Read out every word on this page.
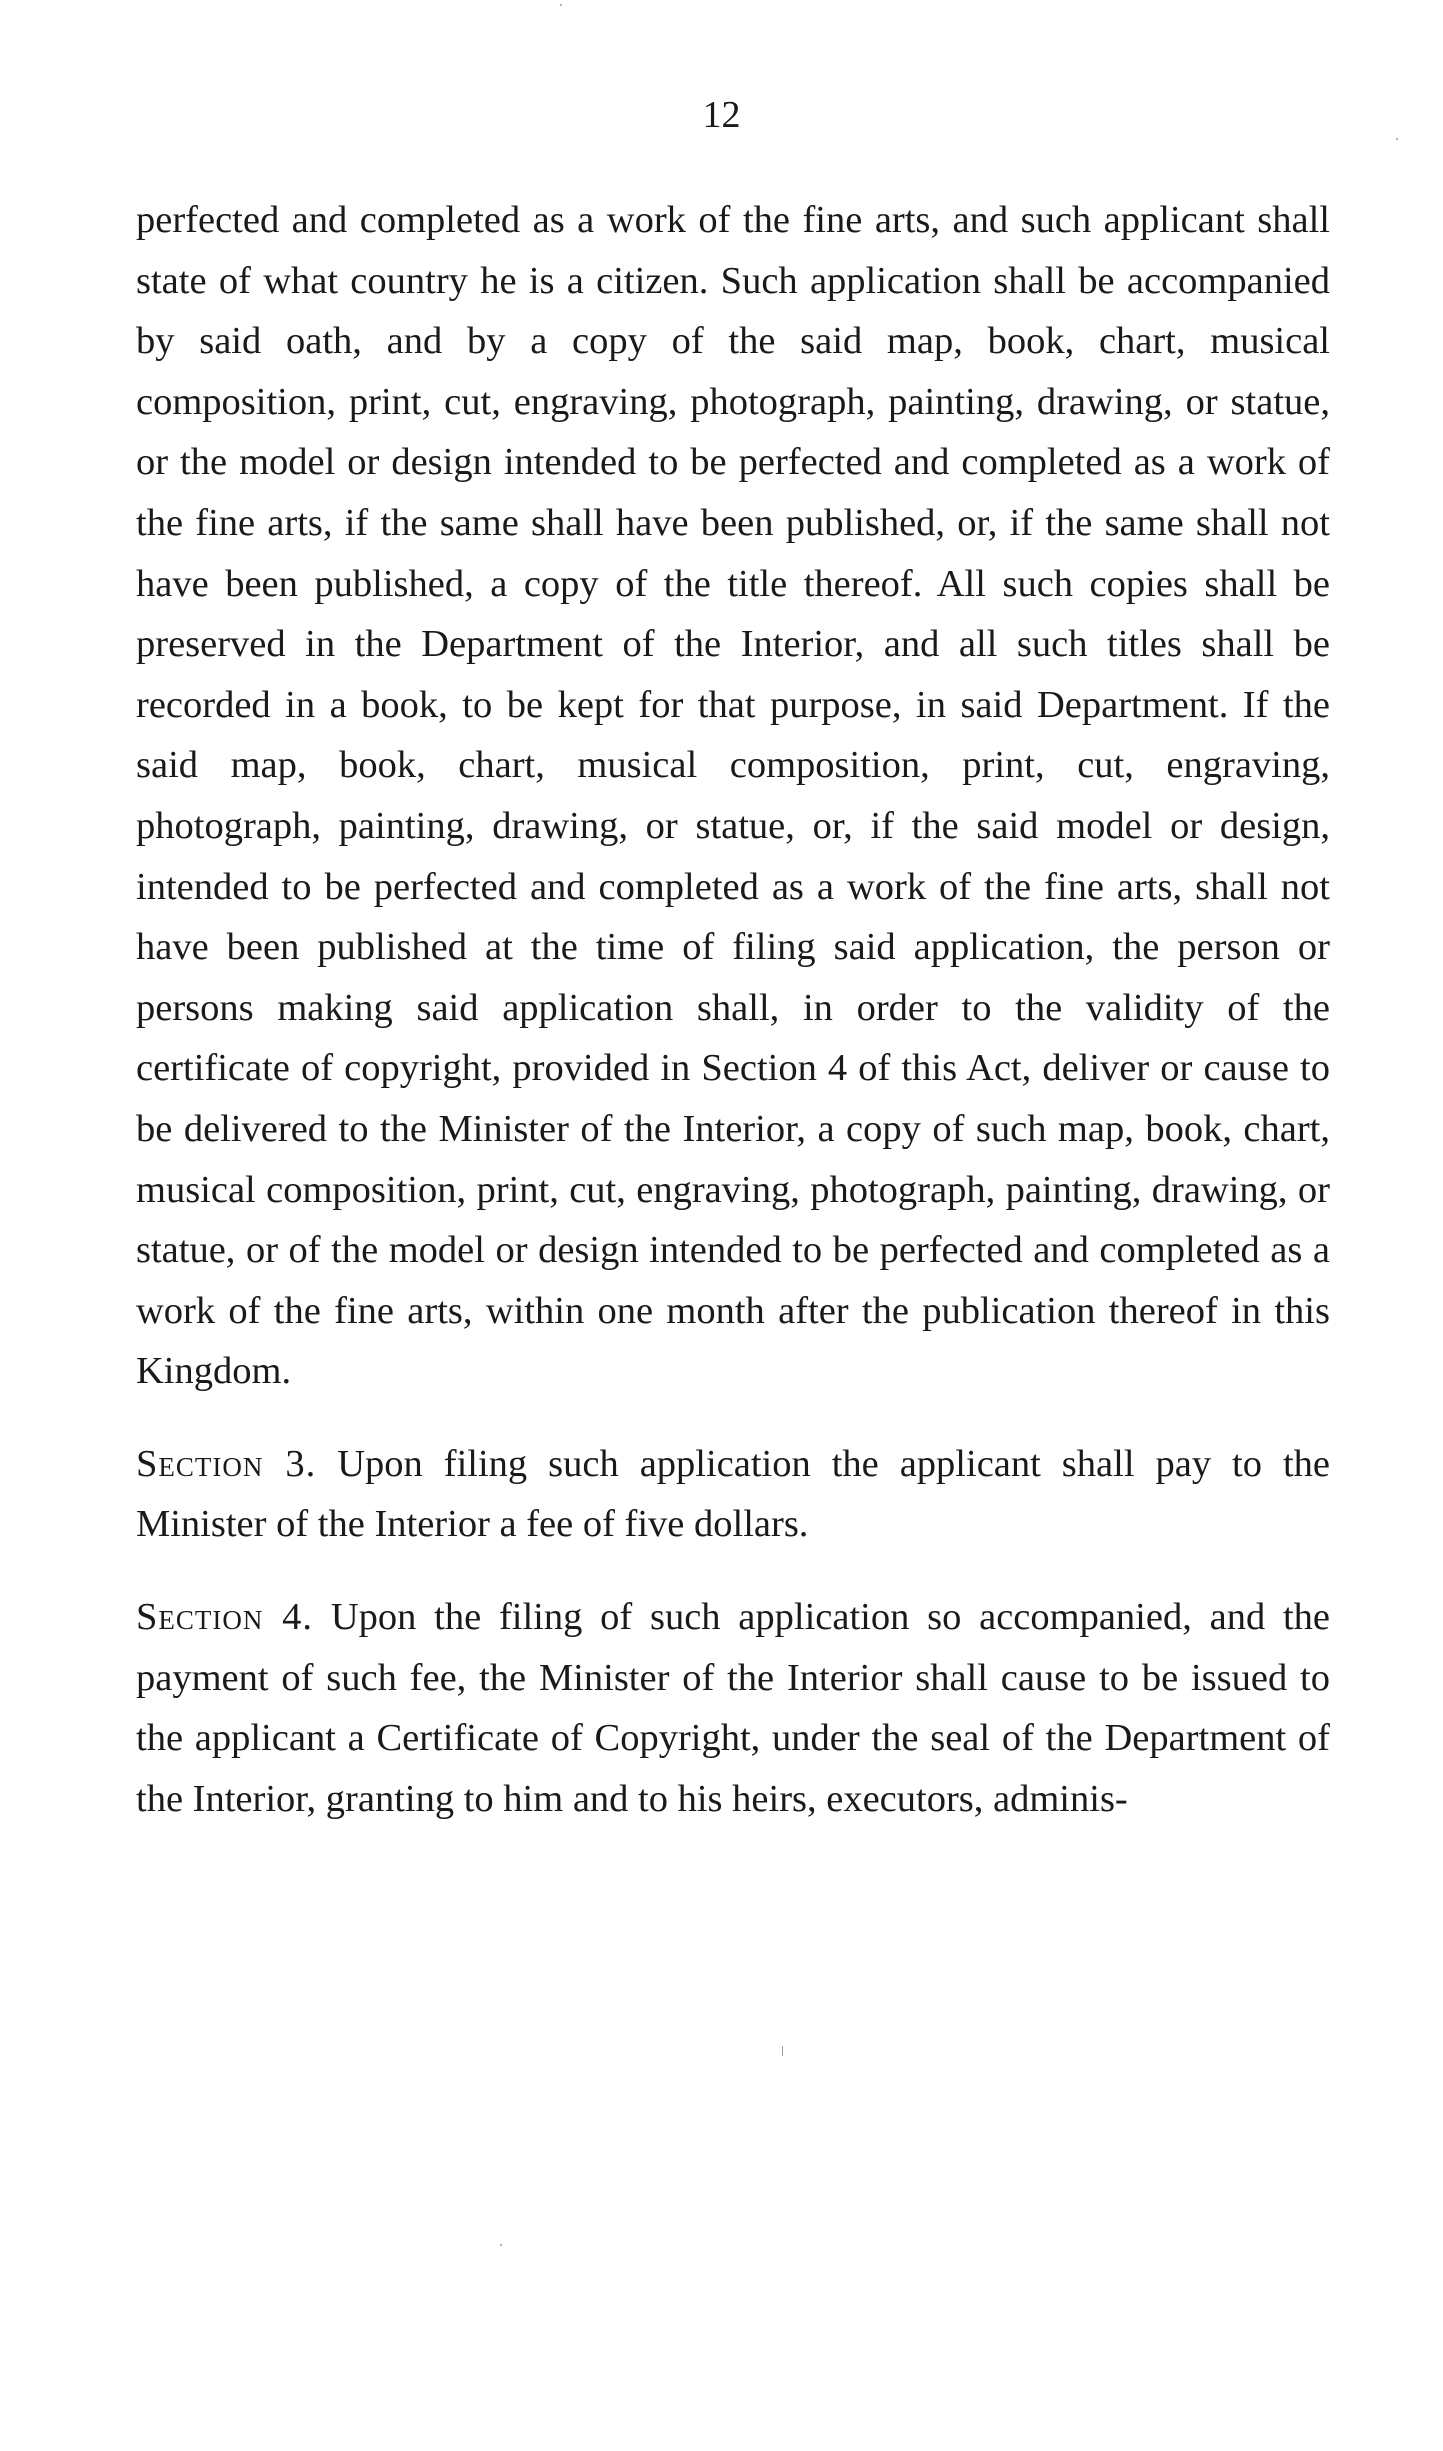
12

perfected and completed as a work of the fine arts, and such applicant shall state of what country he is a citizen. Such application shall be accompanied by said oath, and by a copy of the said map, book, chart, musical composition, print, cut, engraving, photograph, painting, drawing, or statue, or the model or design intended to be perfected and completed as a work of the fine arts, if the same shall have been published, or, if the same shall not have been published, a copy of the title thereof. All such copies shall be preserved in the Department of the Interior, and all such titles shall be recorded in a book, to be kept for that purpose, in said Department. If the said map, book, chart, musical composition, print, cut, engraving, photograph, painting, drawing, or statue, or, if the said model or design, intended to be perfected and completed as a work of the fine arts, shall not have been published at the time of filing said application, the person or persons making said application shall, in order to the validity of the certificate of copyright, provided in Section 4 of this Act, deliver or cause to be delivered to the Minister of the Interior, a copy of such map, book, chart, musical composition, print, cut, engraving, photograph, painting, drawing, or statue, or of the model or design intended to be perfected and completed as a work of the fine arts, within one month after the publication thereof in this Kingdom.

Section 3. Upon filing such application the applicant shall pay to the Minister of the Interior a fee of five dollars.

Section 4. Upon the filing of such application so accompanied, and the payment of such fee, the Minister of the Interior shall cause to be issued to the applicant a Certificate of Copyright, under the seal of the Department of the Interior, granting to him and to his heirs, executors, adminis-
